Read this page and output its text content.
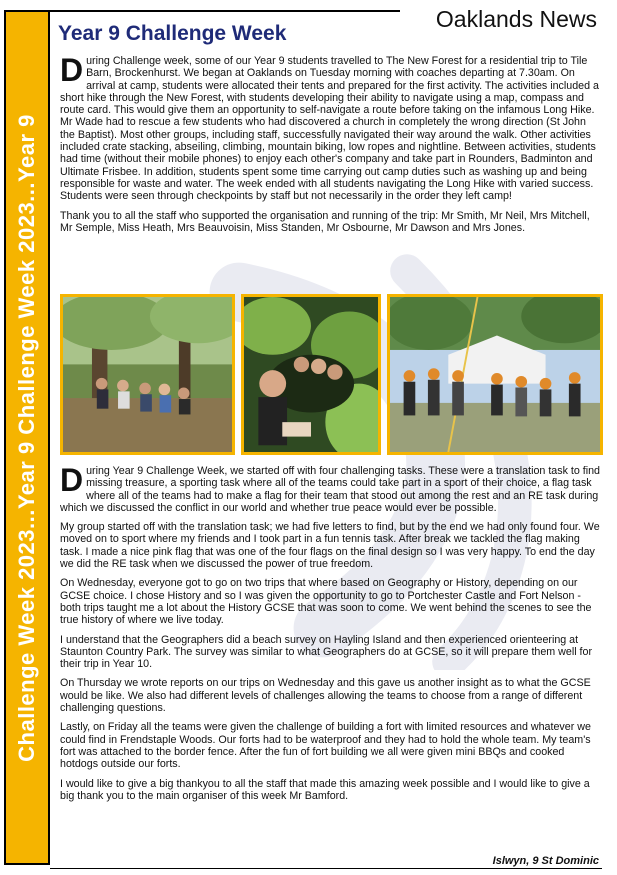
Challenge Week 2023...Year 9 Challenge Week 2023...Year 9
Oaklands News
Year 9 Challenge Week

During Challenge week, some of our Year 9 students travelled to The New Forest for a residential trip to Tile Barn, Brockenhurst. We began at Oaklands on Tuesday morning with coaches departing at 7.30am. On arrival at camp, students were allocated their tents and prepared for the first activity. The activities included a short hike through the New Forest, with students developing their ability to navigate using a map, compass and route card. This would give them an opportunity to self-navigate a route before taking on the infamous Long Hike. Mr Wade had to rescue a few students who had discovered a church in completely the wrong direction (St John the Baptist). Most other groups, including staff, successfully navigated their way around the walk. Other activities included crate stacking, abseiling, climbing, mountain biking, low ropes and nightline. Between activities, students had time (without their mobile phones) to enjoy each other's company and take part in Rounders, Badminton and Ultimate Frisbee. In addition, students spent some time carrying out camp duties such as washing up and being responsible for waste and water. The week ended with all students navigating the Long Hike with varied success. Students were seen through checkpoints by staff but not necessarily in the order they left camp!

Thank you to all the staff who supported the organisation and running of the trip: Mr Smith, Mr Neil, Mrs Mitchell, Mr Semple, Miss Heath, Mrs Beauvoisin, Miss Standen, Mr Osbourne, Mr Dawson and Mrs Jones.

During Year 9 Challenge Week, we started off with four challenging tasks. These were a translation task to find missing treasure, a sporting task where all of the teams could take part in a sport of their choice, a flag task where all of the teams had to make a flag for their team that stood out among the rest and an RE task during which we discussed the conflict in our world and whether true peace would ever be possible.

My group started off with the translation task; we had five letters to find, but by the end we had only found four. We moved on to sport where my friends and I took part in a fun tennis task. After break we tackled the flag making task. I made a nice pink flag that was one of the four flags on the final design so I was very happy. To end the day we did the RE task when we discussed the power of true freedom.

On Wednesday, everyone got to go on two trips that where based on Geography or History, depending on our GCSE choice. I chose History and so I was given the opportunity to go to Portchester Castle and Fort Nelson - both trips taught me a lot about the History GCSE that was soon to come. We went behind the scenes to see the true history of where we live today.

I understand that the Geographers did a beach survey on Hayling Island and then experienced orienteering at Staunton Country Park. The survey was similar to what Geographers do at GCSE, so it will prepare them well for their trip in Year 10.

On Thursday we wrote reports on our trips on Wednesday and this gave us another insight as to what the GCSE would be like. We also had different levels of challenges allowing the teams to choose from a range of different challenging questions.

Lastly, on Friday all the teams were given the challenge of building a fort with limited resources and whatever we could find in Frendstaple Woods. Our forts had to be waterproof and they had to hold the whole team. My team's fort was attached to the border fence. After the fun of fort building we all were given mini BBQs and cooked hotdogs outside our forts.

I would like to give a big thankyou to all the staff that made this amazing week possible and I would like to give a big thank you to the main organiser of this week Mr Bamford.

Islwyn, 9 St Dominic
